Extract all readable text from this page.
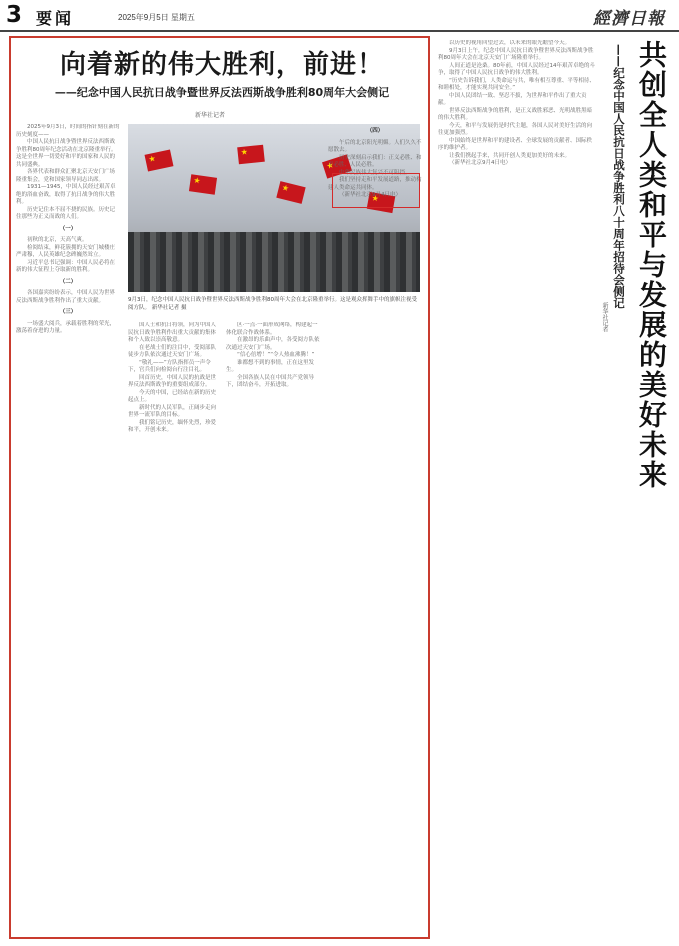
3 要闻	2025年9月5日 星期五	經濟日報
向着新的伟大胜利，前进！
——纪念中国人民抗日战争暨世界反法西斯战争胜利80周年大会侧记
新华社记者
★
★
★
★
★
★
9月3日，纪念中国人民抗日战争暨世界反法西斯战争胜利80周年大会在北京隆重举行。这是观众挥舞手中的旗帜注视受阅方队。 新华社记者 摄

2025年9月3日，时间的指针刻在新的历史刻度——

中国人民抗日战争暨世界反法西斯战争胜利80周年纪念活动在北京隆重举行。这是全世界一切爱好和平的国家和人民的共同盛典。

各界代表和群众汇聚北京天安门广场隆重集会，党和国家领导同志出席。

1931—1945，中国人民经过艰苦卓绝的浴血奋战，取得了抗日战争的伟大胜利。

历史记住本不屈不挠的民族。历史记住那些为正义而战的人们。

（一）

初秋的北京，天高气爽。

检阅结束，鲜花簇拥的天安门城楼庄严肃穆，人民英雄纪念碑巍然耸立。

习近平总书记强调：中国人民必将在新的伟大征程上夺取新的胜利。

（二）

各国嘉宾纷纷表示，中国人民为世界反法西斯战争胜利作出了重大贡献。

（三）

一场盛大阅兵，承载着胜利的荣光，激荡着奋进的力量。

国人士和抗日将领，向为中国人民抗日战争胜利作出重大贡献的集体和个人致以崇高敬意。

在老战士们的注目中，受阅部队徒步方队依次通过天安门广场。

“敬礼——”方队指挥员一声令下，官兵们向检阅台行注目礼。

回首历史，中国人民的抗战是世界反法西斯战争的重要组成部分。

今天的中国，已经站在新的历史起点上。

新时代的人民军队，正阔步走向世界一流军队的目标。

我们铭记历史，缅怀先烈，珍爱和平，开创未来。

区·一点·一面形成网络，构建起一体化联合作战体系。

在激昂的乐曲声中，各受阅方队依次通过天安门广场。

“信心倍增！”“令人热血沸腾！”

谁都想不到的事情，正在这里发生。

全国各族人民在中国共产党领导下，团结奋斗，开拓进取。

（四）

午后的北京阳光明媚。人们久久不愿散去。

历史深刻启示我们：正义必胜、和平必胜、人民必胜。

中华民族伟大复兴不可阻挡。

我们坚持走和平发展道路，推动构建人类命运共同体。

（新华社北京9月4日电）

以历史的视角回望过去，以未来的眼光瞻望今天。

9月3日上午，纪念中国人民抗日战争暨世界反法西斯战争胜利80周年大会在北京天安门广场隆重举行。

人间正道是沧桑。80年前，中国人民经过14年艰苦卓绝的斗争，取得了中国人民抗日战争的伟大胜利。

“历史告诉我们，人类命运与共，唯有相互尊重、平等相待、和睦相处，才能实现共同安全。”

中国人民团结一致、坚忍不拔，为世界和平作出了重大贡献。

世界反法西斯战争的胜利，是正义战胜邪恶、光明战胜黑暗的伟大胜利。

今天，和平与发展仍是时代主题，各国人民对美好生活的向往更加强烈。

中国始终是世界和平的建设者、全球发展的贡献者、国际秩序的维护者。

让我们携起手来，共同开创人类更加美好的未来。

（新华社北京9月4日电）	共创全人类和平与发展的美好未来
——纪念中国人民抗日战争胜利八十周年招待会侧记
新华社记者
